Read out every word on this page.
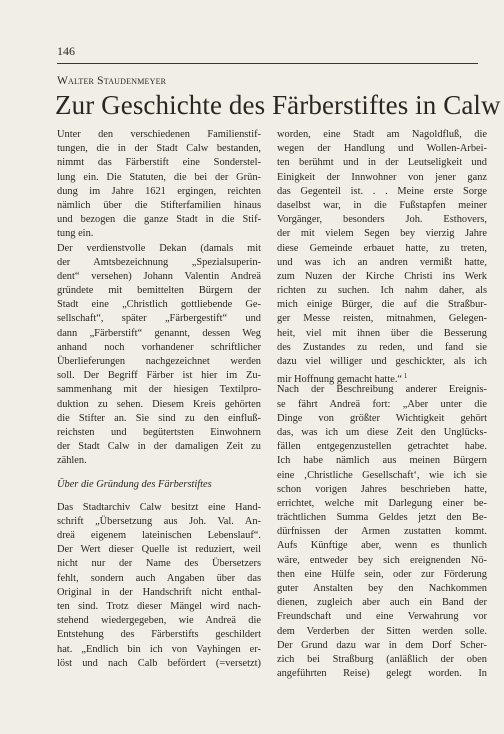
146
Walter Staudenmeyer
Zur Geschichte des Färberstiftes in Calw
Unter den verschiedenen Familienstif-
tungen, die in der Stadt Calw bestanden,
nimmt das Färberstift eine Sonderstel-
lung ein. Die Statuten, die bei der Grün-
dung im Jahre 1621 ergingen, reichten
nämlich über die Stifterfamilien hinaus
und bezogen die ganze Stadt in die Stif-
tung ein.
Der verdienstvolle Dekan (damals mit
der Amtsbezeichnung „Spezialsuperin-
dent“ versehen) Johann Valentin Andreä
gründete mit bemittelten Bürgern der
Stadt eine „Christlich gottliebende Ge-
sellschaft“, später „Färbergestift“ und
dann „Färberstift“ genannt, dessen Weg
anhand noch vorhandener schriftlicher
Überlieferungen nachgezeichnet werden
soll. Der Begriff Färber ist hier im Zu-
sammenhang mit der hiesigen Textilpro-
duktion zu sehen. Diesem Kreis gehörten
die Stifter an. Sie sind zu den einfluß-
reichsten und begütertsten Einwohnern
der Stadt Calw in der damaligen Zeit zu
zählen.
Über die Gründung des Färberstiftes
Das Stadtarchiv Calw besitzt eine Hand-
schrift „Übersetzung aus Joh. Val. An-
dreä eigenem lateinischen Lebenslauf“.
Der Wert dieser Quelle ist reduziert, weil
nicht nur der Name des Übersetzers
fehlt, sondern auch Angaben über das
Original in der Handschrift nicht enthal-
ten sind. Trotz dieser Mängel wird nach-
stehend wiedergegeben, wie Andreä die
Entstehung des Färberstifts geschildert
hat. „Endlich bin ich von Vayhingen er-
löst und nach Calb befördert (=versetzt)
worden, eine Stadt am Nagoldfluß, die
wegen der Handlung und Wollen-Arbei-
ten berühmt und in der Leutseligkeit und
Einigkeit der Innwohner von jener ganz
das Gegenteil ist. . . Meine erste Sorge
daselbst war, in die Fußstapfen meiner
Vorgänger, besonders Joh. Esthovers,
der mit vielem Segen bey vierzig Jahre
diese Gemeinde erbauet hatte, zu treten,
und was ich an andren vermißt hatte,
zum Nuzen der Kirche Christi ins Werk
richten zu suchen. Ich nahm daher, als
mich einige Bürger, die auf die Straßbur-
ger Messe reisten, mitnahmen, Gelegen-
heit, viel mit ihnen über die Besserung
des Zustandes zu reden, und fand sie
dazu viel williger und geschickter, als ich
mir Hoffnung gemacht hatte.“ $^1$
Nach der Beschreibung anderer Ereignis-
se fährt Andreä fort: „Aber unter die
Dinge von größter Wichtigkeit gehört
das, was ich um diese Zeit den Unglücks-
fällen entgegenzustellen getrachtet habe.
Ich habe nämlich aus meinen Bürgern
eine ‚Christliche Gesellschaft‘, wie ich sie
schon vorigen Jahres beschrieben hatte,
errichtet, welche mit Darlegung einer be-
trächtlichen Summa Geldes jetzt den Be-
dürfnissen der Armen zustatten kommt.
Aufs Künftige aber, wenn es thunlich
wäre, entweder bey sich ereignenden Nö-
then eine Hülfe sein, oder zur Förderung
guter Anstalten bey den Nachkommen
dienen, zugleich aber auch ein Band der
Freundschaft und eine Verwahrung vor
dem Verderben der Sitten werden solle.
Der Grund dazu war in dem Dorf Scher-
zich bei Straßburg (anläßlich der oben
angeführten Reise) gelegt worden. In
